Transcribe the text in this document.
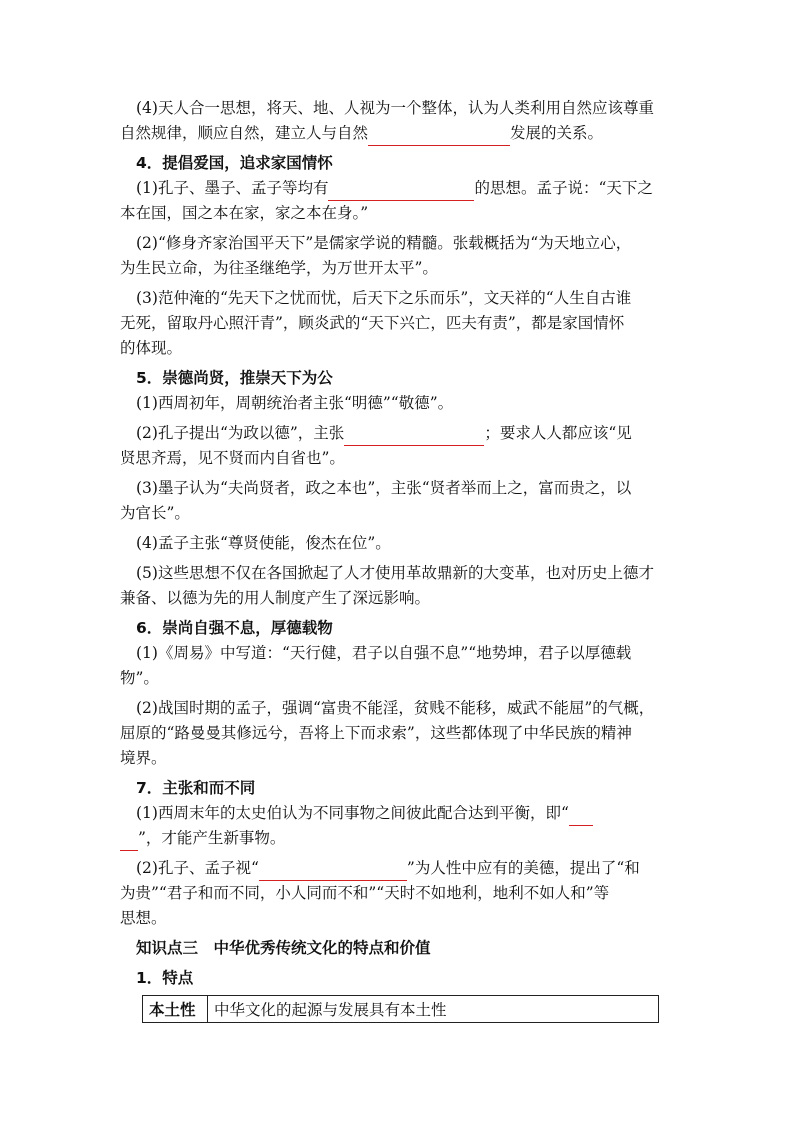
(4)天人合一思想，将天、地、人视为一个整体，认为人类利用自然应该尊重
自然规律，顺应自然，建立人与自然	发展的关系。
4．提倡爱国，追求家国情怀
(1)孔子、墨子、孟子等均有	的思想。孟子说：“天下之
本在国，国之本在家，家之本在身。”
(2)“修身齐家治国平天下”是儒家学说的精髓。张载概括为“为天地立心，
为生民立命，为往圣继绝学，为万世开太平”。
(3)范仲淹的“先天下之忧而忧，后天下之乐而乐”，文天祥的“人生自古谁
无死，留取丹心照汗青”，顾炎武的“天下兴亡，匹夫有责”，都是家国情怀
的体现。
5．崇德尚贤，推崇天下为公
(1)西周初年，周朝统治者主张“明德”“敬德”。
(2)孔子提出“为政以德”，主张	；要求人人都应该“见
贤思齐焉，见不贤而内自省也”。
(3)墨子认为“夫尚贤者，政之本也”，主张“贤者举而上之，富而贵之，以
为官长”。
(4)孟子主张“尊贤使能，俊杰在位”。
(5)这些思想不仅在各国掀起了人才使用革故鼎新的大变革，也对历史上德才
兼备、以德为先的用人制度产生了深远影响。
6．崇尚自强不息，厚德载物
(1)《周易》中写道：“天行健，君子以自强不息”“地势坤，君子以厚德载
物”。
(2)战国时期的孟子，强调“富贵不能淫，贫贱不能移，威武不能屈”的气概，
屈原的“路曼曼其修远兮，吾将上下而求索”，这些都体现了中华民族的精神
境界。
7．主张和而不同
(1)西周末年的太史伯认为不同事物之间彼此配合达到平衡，即“
”，才能产生新事物。
(2)孔子、孟子视“	”为人性中应有的美德，提出了“和
为贵”“君子和而不同，小人同而不和”“天时不如地利，地利不如人和”等
思想。
知识点三　中华优秀传统文化的特点和价值
1．特点
本土性	中华文化的起源与发展具有本土性
